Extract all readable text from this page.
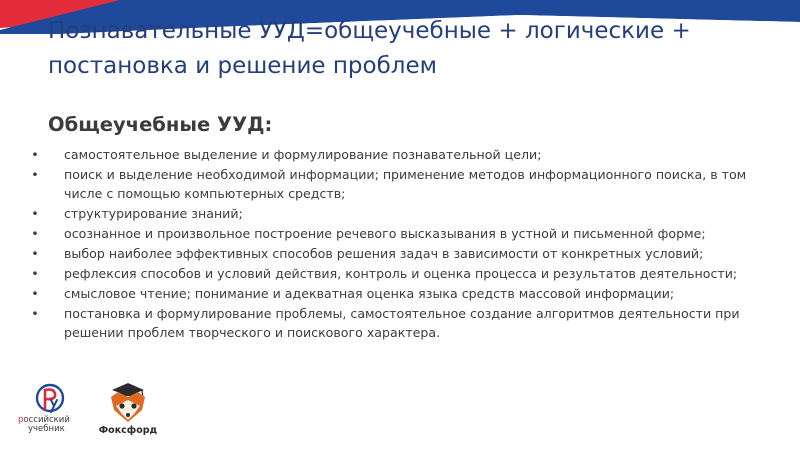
Познавательные УУД=общеучебные + логические + постановка и решение проблем
Общеучебные УУД:
• самостоятельное выделение и формулирование познавательной цели;
• поиск и выделение необходимой информации; применение методов информационного поиска, в том числе с помощью компьютерных средств;
• структурирование знаний;
• осознанное и произвольное построение речевого высказывания в устной и письменной форме;
• выбор наиболее эффективных способов решения задач в зависимости от конкретных условий;
• рефлексия способов и условий действия, контроль и оценка процесса и результатов деятельности;
• смысловое чтение; понимание и адекватная оценка языка средств массовой информации;
• постановка и формулирование проблемы, самостоятельное создание алгоритмов деятельности при решении проблем творческого и поискового характера.
российский
учебник	Фоксфорд
